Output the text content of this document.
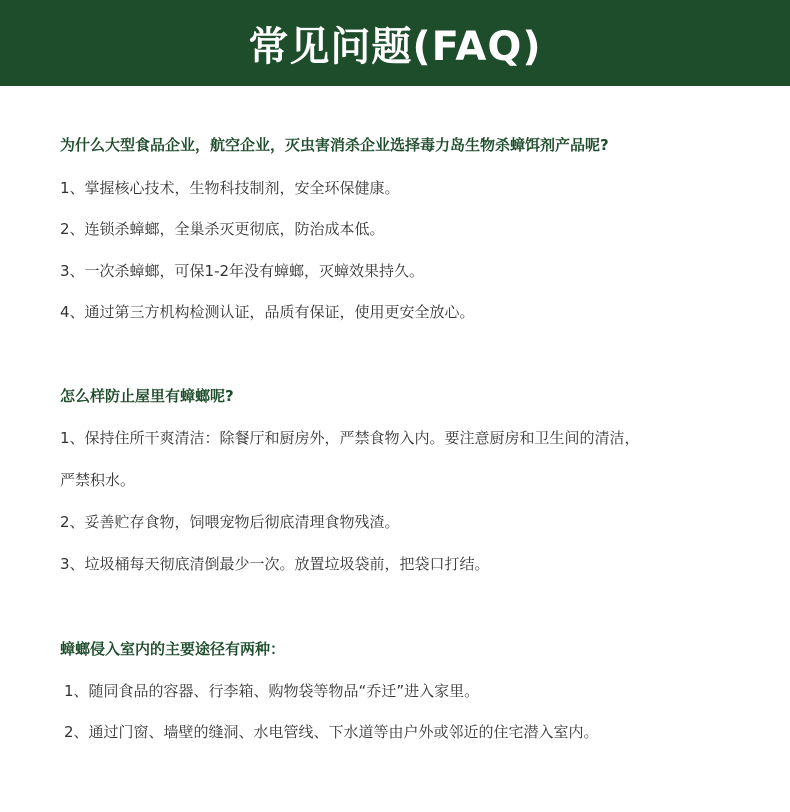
常见问题(FAQ)
为什么大型食品企业，航空企业，灭虫害消杀企业选择毒力岛生物杀蟑饵剂产品呢?
1、掌握核心技术，生物科技制剂，安全环保健康。
2、连锁杀蟑螂，全巢杀灭更彻底，防治成本低。
3、一次杀蟑螂，可保1-2年没有蟑螂，灭蟑效果持久。
4、通过第三方机构检测认证，品质有保证，使用更安全放心。
怎么样防止屋里有蟑螂呢?
1、保持住所干爽清洁：除餐厅和厨房外，严禁食物入内。要注意厨房和卫生间的清洁，
严禁积水。
2、妥善贮存食物，饲喂宠物后彻底清理食物残渣。
3、垃圾桶每天彻底清倒最少一次。放置垃圾袋前，把袋口打结。
蟑螂侵入室内的主要途径有两种：
1、随同食品的容器、行李箱、购物袋等物品“乔迁”进入家里。
2、通过门窗、墙壁的缝洞、水电管线、下水道等由户外或邻近的住宅潜入室内。
